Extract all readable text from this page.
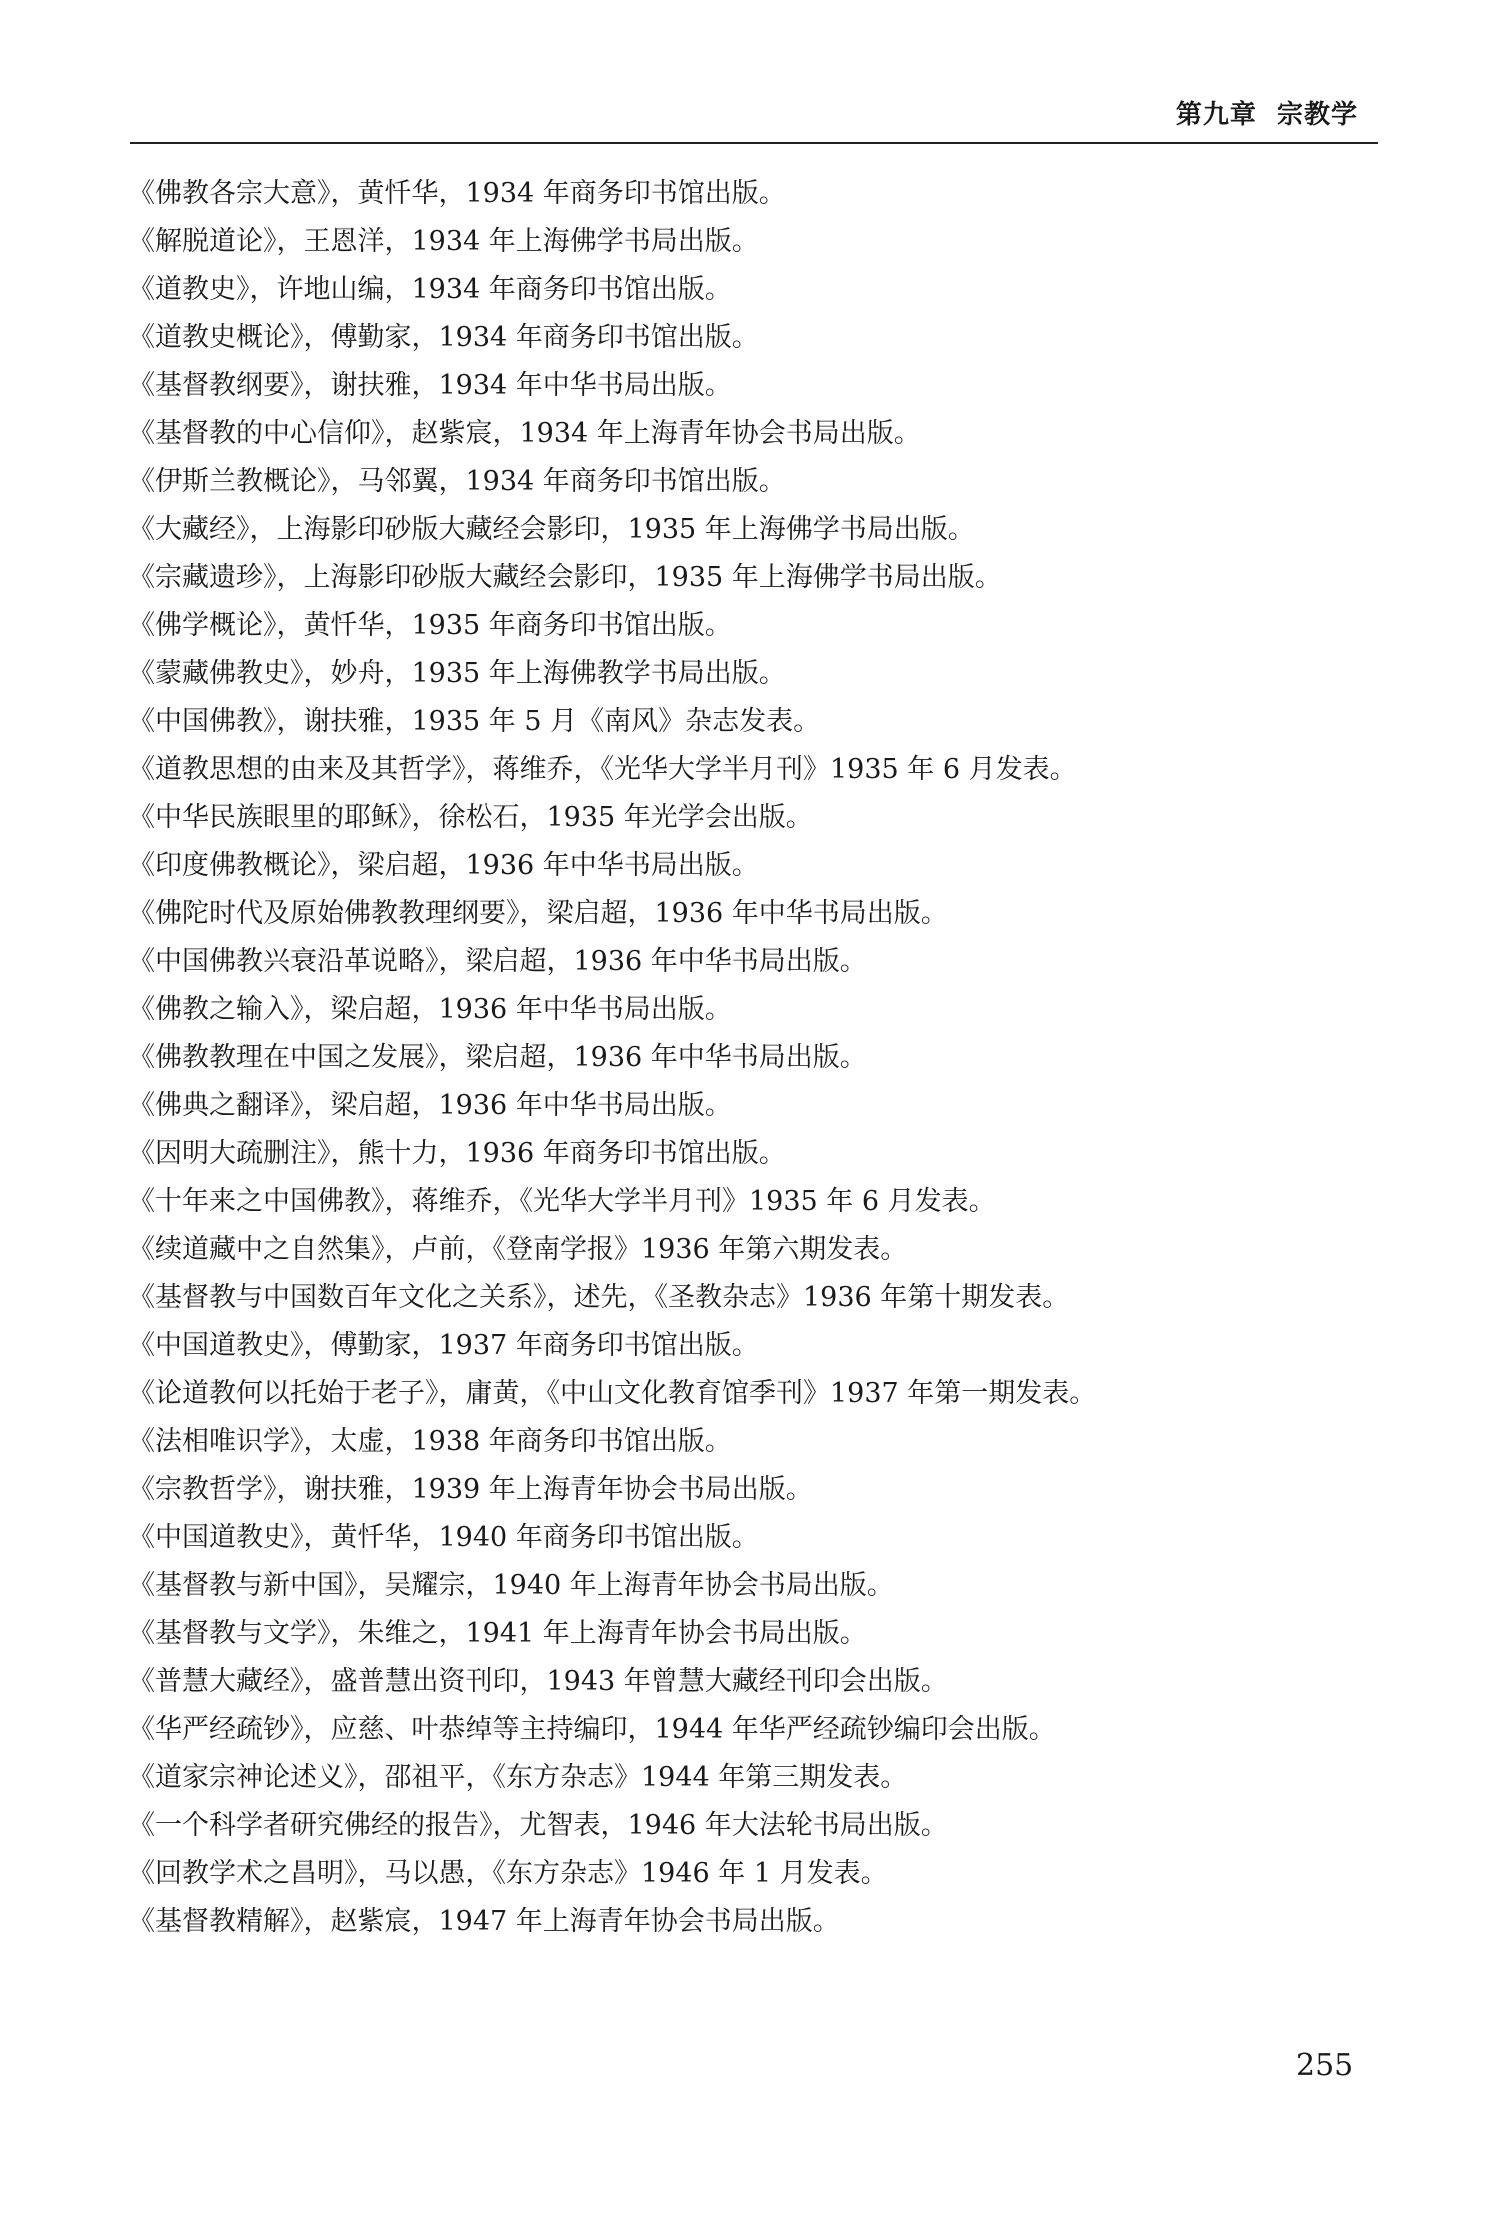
第九章  宗教学
《佛教各宗大意》，黄忏华，1934 年商务印书馆出版。
《解脱道论》，王恩洋，1934 年上海佛学书局出版。
《道教史》，许地山编，1934 年商务印书馆出版。
《道教史概论》，傅勤家，1934 年商务印书馆出版。
《基督教纲要》，谢扶雅，1934 年中华书局出版。
《基督教的中心信仰》，赵紫宸，1934 年上海青年协会书局出版。
《伊斯兰教概论》，马邻翼，1934 年商务印书馆出版。
《大藏经》，上海影印砂版大藏经会影印，1935 年上海佛学书局出版。
《宗藏遗珍》，上海影印砂版大藏经会影印，1935 年上海佛学书局出版。
《佛学概论》，黄忏华，1935 年商务印书馆出版。
《蒙藏佛教史》，妙舟，1935 年上海佛教学书局出版。
《中国佛教》，谢扶雅，1935 年 5 月《南风》杂志发表。
《道教思想的由来及其哲学》，蒋维乔，《光华大学半月刊》1935 年 6 月发表。
《中华民族眼里的耶稣》，徐松石，1935 年光学会出版。
《印度佛教概论》，梁启超，1936 年中华书局出版。
《佛陀时代及原始佛教教理纲要》，梁启超，1936 年中华书局出版。
《中国佛教兴衰沿革说略》，梁启超，1936 年中华书局出版。
《佛教之输入》，梁启超，1936 年中华书局出版。
《佛教教理在中国之发展》，梁启超，1936 年中华书局出版。
《佛典之翻译》，梁启超，1936 年中华书局出版。
《因明大疏删注》，熊十力，1936 年商务印书馆出版。
《十年来之中国佛教》，蒋维乔，《光华大学半月刊》1935 年 6 月发表。
《续道藏中之自然集》，卢前，《登南学报》1936 年第六期发表。
《基督教与中国数百年文化之关系》，述先，《圣教杂志》1936 年第十期发表。
《中国道教史》，傅勤家，1937 年商务印书馆出版。
《论道教何以托始于老子》，庸黄，《中山文化教育馆季刊》1937 年第一期发表。
《法相唯识学》，太虚，1938 年商务印书馆出版。
《宗教哲学》，谢扶雅，1939 年上海青年协会书局出版。
《中国道教史》，黄忏华，1940 年商务印书馆出版。
《基督教与新中国》，吴耀宗，1940 年上海青年协会书局出版。
《基督教与文学》，朱维之，1941 年上海青年协会书局出版。
《普慧大藏经》，盛普慧出资刊印，1943 年曾慧大藏经刊印会出版。
《华严经疏钞》，应慈、叶恭绰等主持编印，1944 年华严经疏钞编印会出版。
《道家宗神论述义》，邵祖平，《东方杂志》1944 年第三期发表。
《一个科学者研究佛经的报告》，尤智表，1946 年大法轮书局出版。
《回教学术之昌明》，马以愚，《东方杂志》1946 年 1 月发表。
《基督教精解》，赵紫宸，1947 年上海青年协会书局出版。
255
